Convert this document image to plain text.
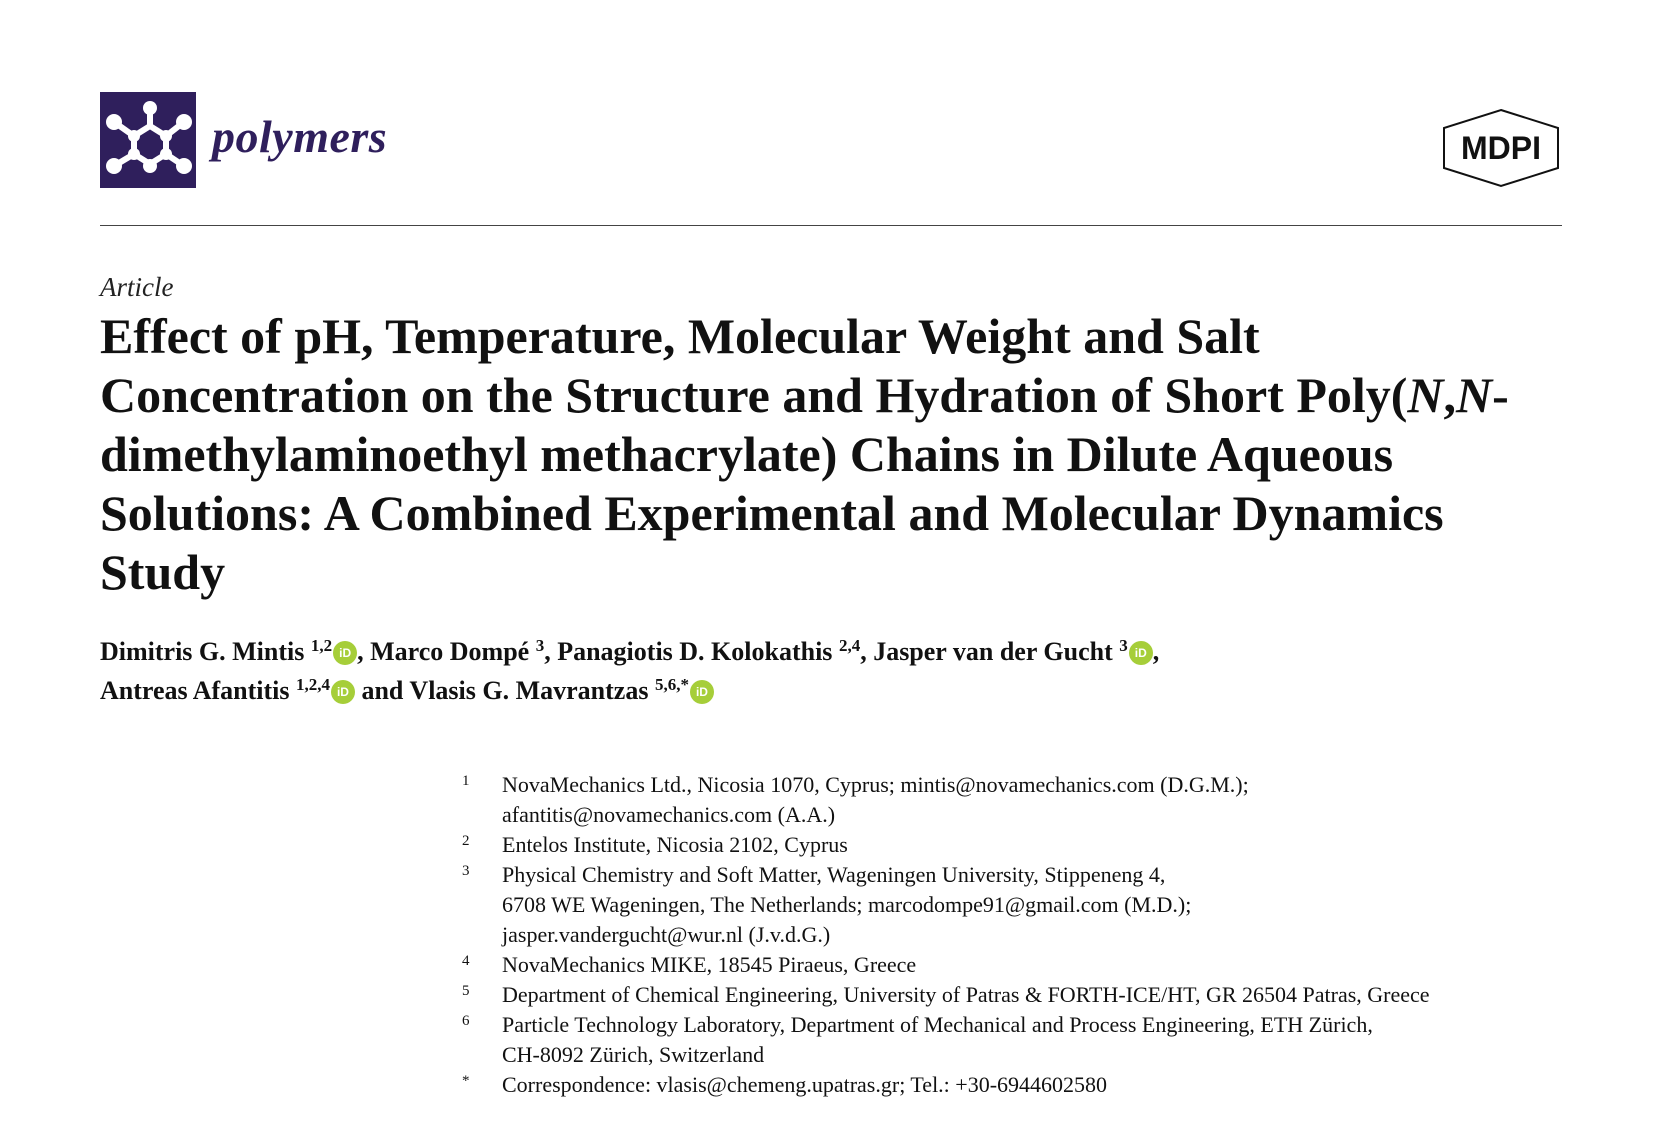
polymers	MDPI
Article
Effect of pH, Temperature, Molecular Weight and Salt Concentration on the Structure and Hydration of Short Poly(N,N-dimethylaminoethyl methacrylate) Chains in Dilute Aqueous Solutions: A Combined Experimental and Molecular Dynamics Study
Dimitris G. Mintis $^{1,2}$ iD , Marco Dompé $^3$, Panagiotis D. Kolokathis $^{2,4}$, Jasper van der Gucht $^3$ iD ,
Antreas Afantitis $^{1,2,4}$ iD and Vlasis G. Mavrantzas $^{5,6,*}$ iD
1	NovaMechanics Ltd., Nicosia 1070, Cyprus; mintis@novamechanics.com (D.G.M.);
afantitis@novamechanics.com (A.A.)
2	Entelos Institute, Nicosia 2102, Cyprus
3	Physical Chemistry and Soft Matter, Wageningen University, Stippeneng 4,
6708 WE Wageningen, The Netherlands; marcodompe91@gmail.com (M.D.);
jasper.vandergucht@wur.nl (J.v.d.G.)
4	NovaMechanics MIKE, 18545 Piraeus, Greece
5	Department of Chemical Engineering, University of Patras & FORTH-ICE/HT, GR 26504 Patras, Greece
6	Particle Technology Laboratory, Department of Mechanical and Process Engineering, ETH Zürich,
CH-8092 Zürich, Switzerland
*	Correspondence: vlasis@chemeng.upatras.gr; Tel.: +30-6944602580
